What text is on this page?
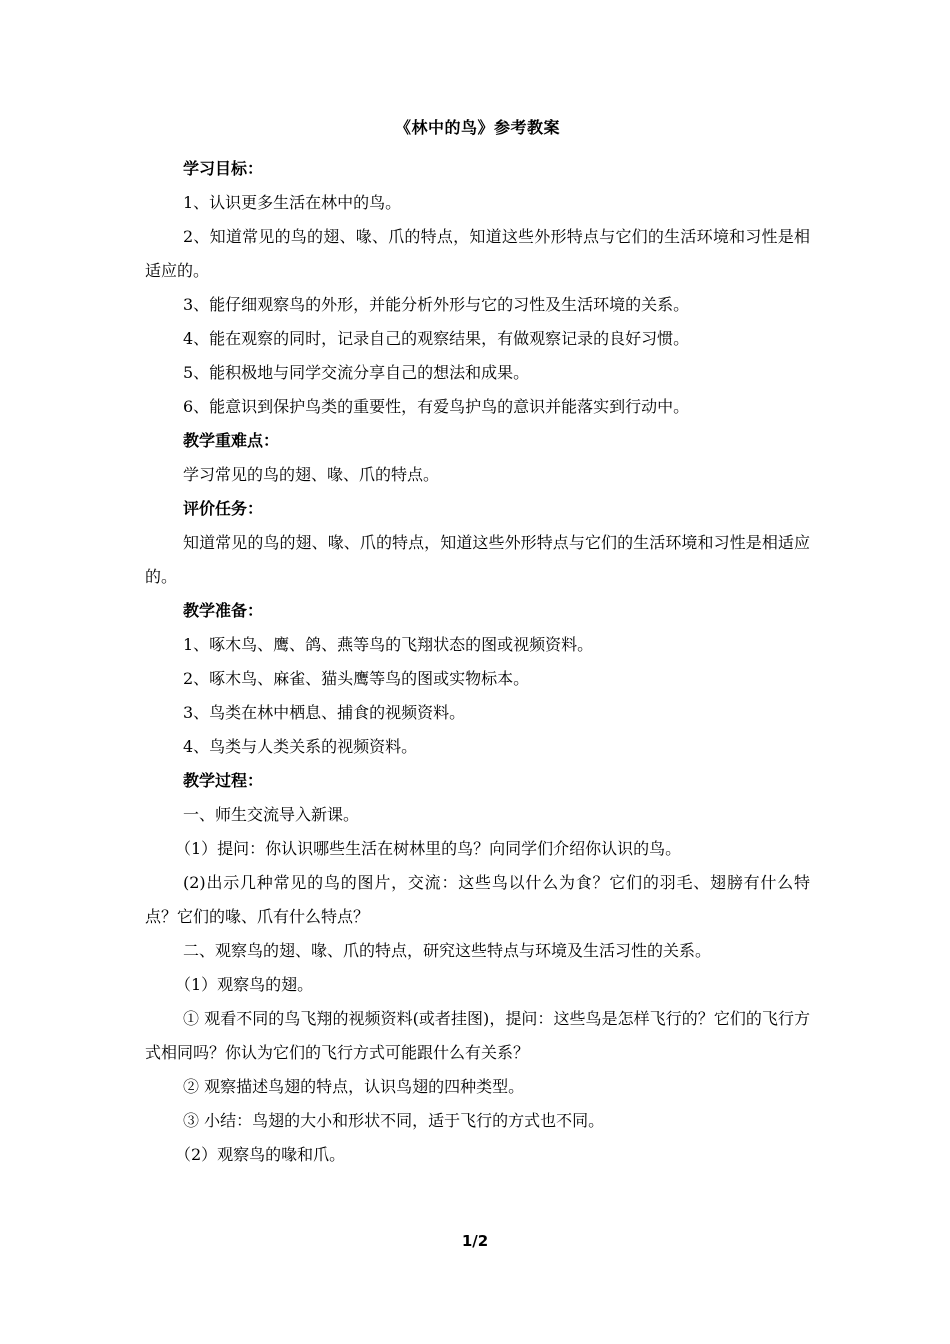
《林中的鸟》参考教案

学习目标：

1、认识更多生活在林中的鸟。

2、知道常见的鸟的翅、喙、爪的特点，知道这些外形特点与它们的生活环境和习性是相适应的。

3、能仔细观察鸟的外形，并能分析外形与它的习性及生活环境的关系。

4、能在观察的同时，记录自己的观察结果，有做观察记录的良好习惯。

5、能积极地与同学交流分享自己的想法和成果。

6、能意识到保护鸟类的重要性，有爱鸟护鸟的意识并能落实到行动中。

教学重难点：

学习常见的鸟的翅、喙、爪的特点。

评价任务：

知道常见的鸟的翅、喙、爪的特点，知道这些外形特点与它们的生活环境和习性是相适应的。

教学准备：

1、啄木鸟、鹰、鸽、燕等鸟的飞翔状态的图或视频资料。

2、啄木鸟、麻雀、猫头鹰等鸟的图或实物标本。

3、鸟类在林中栖息、捕食的视频资料。

4、鸟类与人类关系的视频资料。

教学过程：

一、师生交流导入新课。

（1）提问：你认识哪些生活在树林里的鸟？向同学们介绍你认识的鸟。

(2)出示几种常见的鸟的图片，交流：这些鸟以什么为食？它们的羽毛、翅膀有什么特点？它们的喙、爪有什么特点？

二、观察鸟的翅、喙、爪的特点，研究这些特点与环境及生活习性的关系。

（1）观察鸟的翅。

① 观看不同的鸟飞翔的视频资料(或者挂图)，提问：这些鸟是怎样飞行的？它们的飞行方式相同吗？你认为它们的飞行方式可能跟什么有关系？

② 观察描述鸟翅的特点，认识鸟翅的四种类型。

③ 小结：鸟翅的大小和形状不同，适于飞行的方式也不同。

（2）观察鸟的喙和爪。

1/2
